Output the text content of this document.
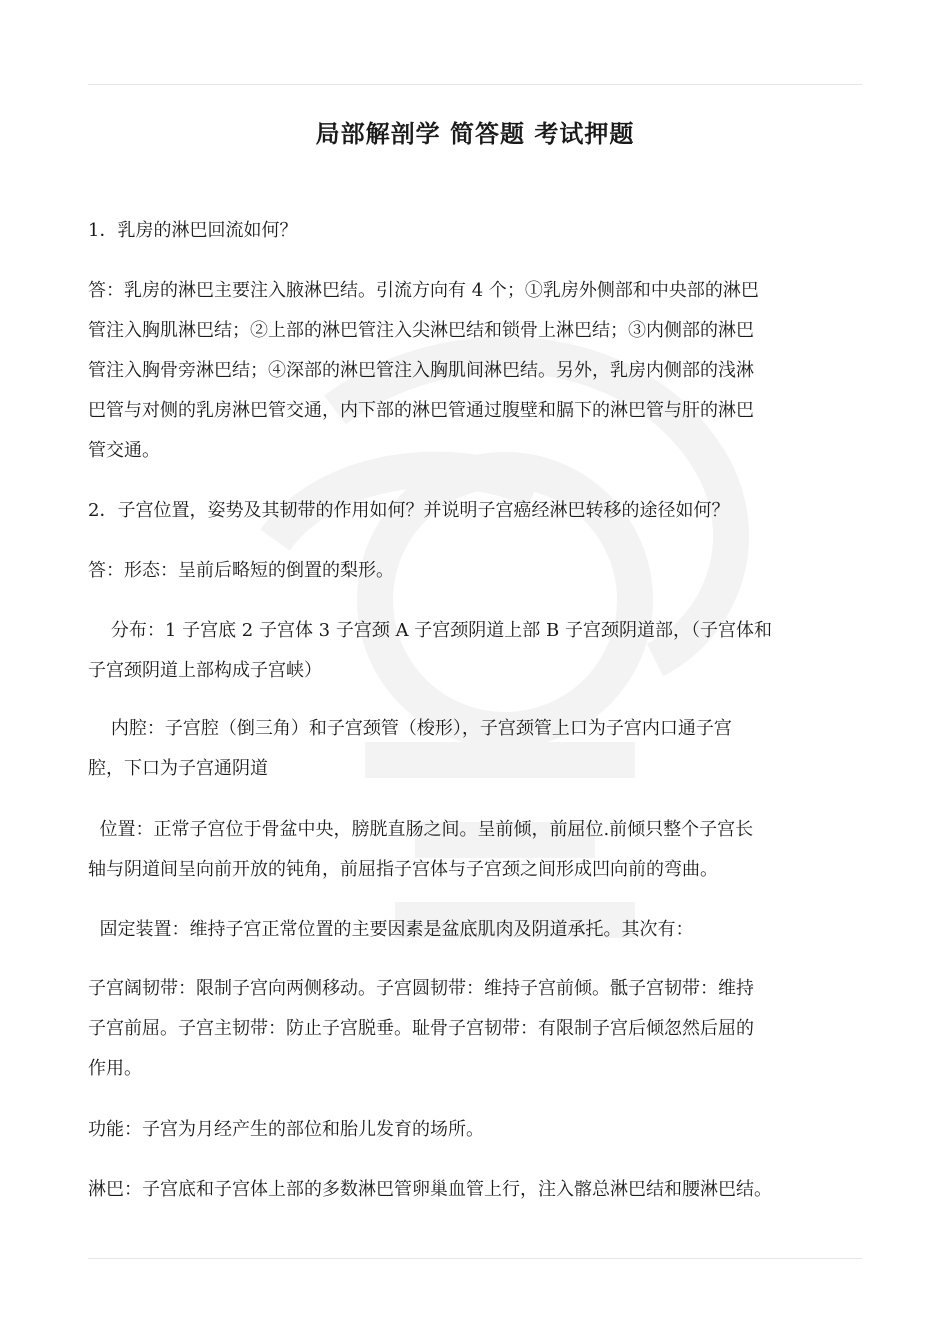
局部解剖学 简答题 考试押题

1．乳房的淋巴回流如何？

答：乳房的淋巴主要注入腋淋巴结。引流方向有 4 个；①乳房外侧部和中央部的淋巴

管注入胸肌淋巴结；②上部的淋巴管注入尖淋巴结和锁骨上淋巴结；③内侧部的淋巴

管注入胸骨旁淋巴结；④深部的淋巴管注入胸肌间淋巴结。另外，乳房内侧部的浅淋

巴管与对侧的乳房淋巴管交通，内下部的淋巴管通过腹壁和膈下的淋巴管与肝的淋巴

管交通。

2．子宫位置，姿势及其韧带的作用如何？并说明子宫癌经淋巴转移的途径如何？

答：形态：呈前后略短的倒置的梨形。

分布：1 子宫底 2 子宫体 3 子宫颈 A 子宫颈阴道上部 B 子宫颈阴道部，（子宫体和

子宫颈阴道上部构成子宫峡）

内腔：子宫腔（倒三角）和子宫颈管（梭形），子宫颈管上口为子宫内口通子宫

腔，下口为子宫通阴道

位置：正常子宫位于骨盆中央，膀胱直肠之间。呈前倾，前屈位.前倾只整个子宫长

轴与阴道间呈向前开放的钝角，前屈指子宫体与子宫颈之间形成凹向前的弯曲。

固定装置：维持子宫正常位置的主要因素是盆底肌肉及阴道承托。其次有：

子宫阔韧带：限制子宫向两侧移动。子宫圆韧带：维持子宫前倾。骶子宫韧带：维持

子宫前屈。子宫主韧带：防止子宫脱垂。耻骨子宫韧带：有限制子宫后倾忽然后屈的

作用。

功能：子宫为月经产生的部位和胎儿发育的场所。

淋巴：子宫底和子宫体上部的多数淋巴管卵巢血管上行，注入髂总淋巴结和腰淋巴结。
